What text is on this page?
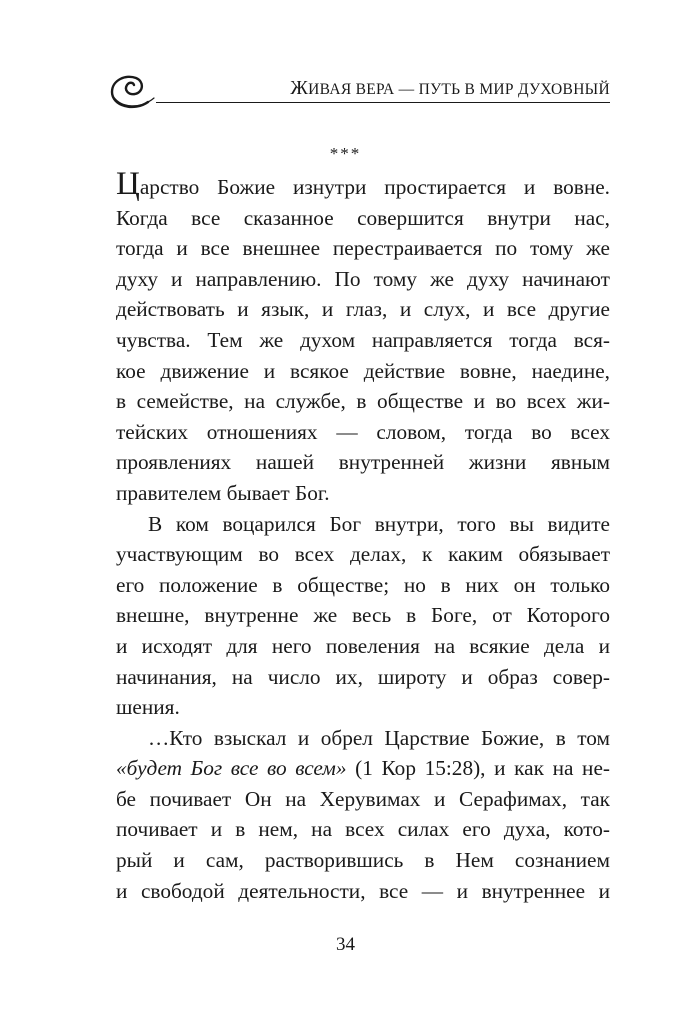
ЖИВАЯ ВЕРА — ПУТЬ В МИР ДУХОВНЫЙ
***
Царство Божие изнутри простирается и вовне.
Когда все сказанное совершится внутри нас,
тогда и все внешнее перестраивается по тому же
духу и направлению. По тому же духу начинают
действовать и язык, и глаз, и слух, и все другие
чувства. Тем же духом направляется тогда вся-
кое движение и всякое действие вовне, наедине,
в семействе, на службе, в обществе и во всех жи-
тейских отношениях — словом, тогда во всех
проявлениях нашей внутренней жизни явным
правителем бывает Бог.
В ком воцарился Бог внутри, того вы видите
участвующим во всех делах, к каким обязывает
его положение в обществе; но в них он только
внешне, внутренне же весь в Боге, от Которого
и исходят для него повеления на всякие дела и
начинания, на число их, широту и образ совер-
шения.
…Кто взыскал и обрел Царствие Божие, в том
«будет Бог все во всем» (1 Кор 15:28), и как на не-
бе почивает Он на Херувимах и Серафимах, так
почивает и в нем, на всех силах его духа, кото-
рый и сам, растворившись в Нем сознанием
и свободой деятельности, все — и внутреннее и
34
